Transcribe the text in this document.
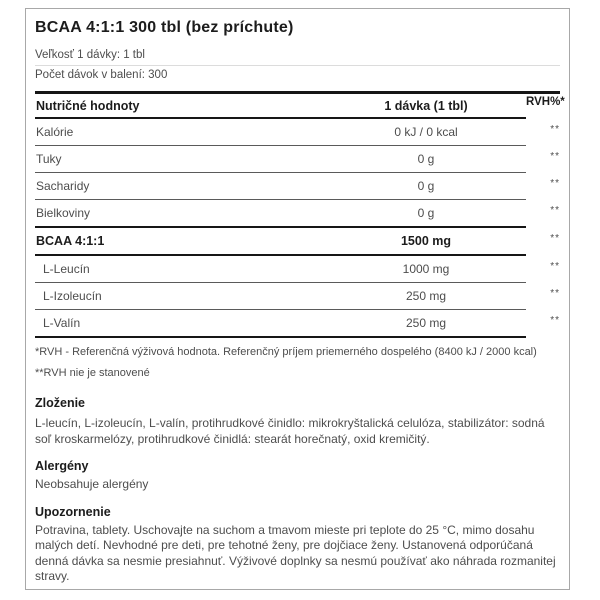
BCAA 4:1:1 300 tbl (bez príchute)
Veľkosť 1 dávky: 1 tbl
Počet dávok v balení: 300
Nutričné hodnoty	1 dávka (1 tbl)	RVH%*
Kalórie	0 kJ / 0 kcal	**
Tuky	0 g	**
Sacharidy	0 g	**
Bielkoviny	0 g	**
BCAA 4:1:1	1500 mg	**
L-Leucín	1000 mg	**
L-Izoleucín	250 mg	**
L-Valín	250 mg	**

*RVH - Referenčná výživová hodnota. Referenčný príjem priemerného dospelého (8400 kJ / 2000 kcal)

**RVH nie je stanovené

Zloženie

L-leucín, L-izoleucín, L-valín, protihrudkové činidlo: mikrokryštalická celulóza, stabilizátor: sodná soľ kroskarmelózy, protihrudkové činidlá: stearát horečnatý, oxid kremičitý.

Alergény

Neobsahuje alergény

Upozornenie

Potravina, tablety. Uschovajte na suchom a tmavom mieste pri teplote do 25 °C, mimo dosahu malých detí. Nevhodné pre deti, pre tehotné ženy, pre dojčiace ženy. Ustanovená odporúčaná denná dávka sa nesmie presiahnuť. Výživové doplnky sa nesmú používať ako náhrada rozmanitej stravy.
